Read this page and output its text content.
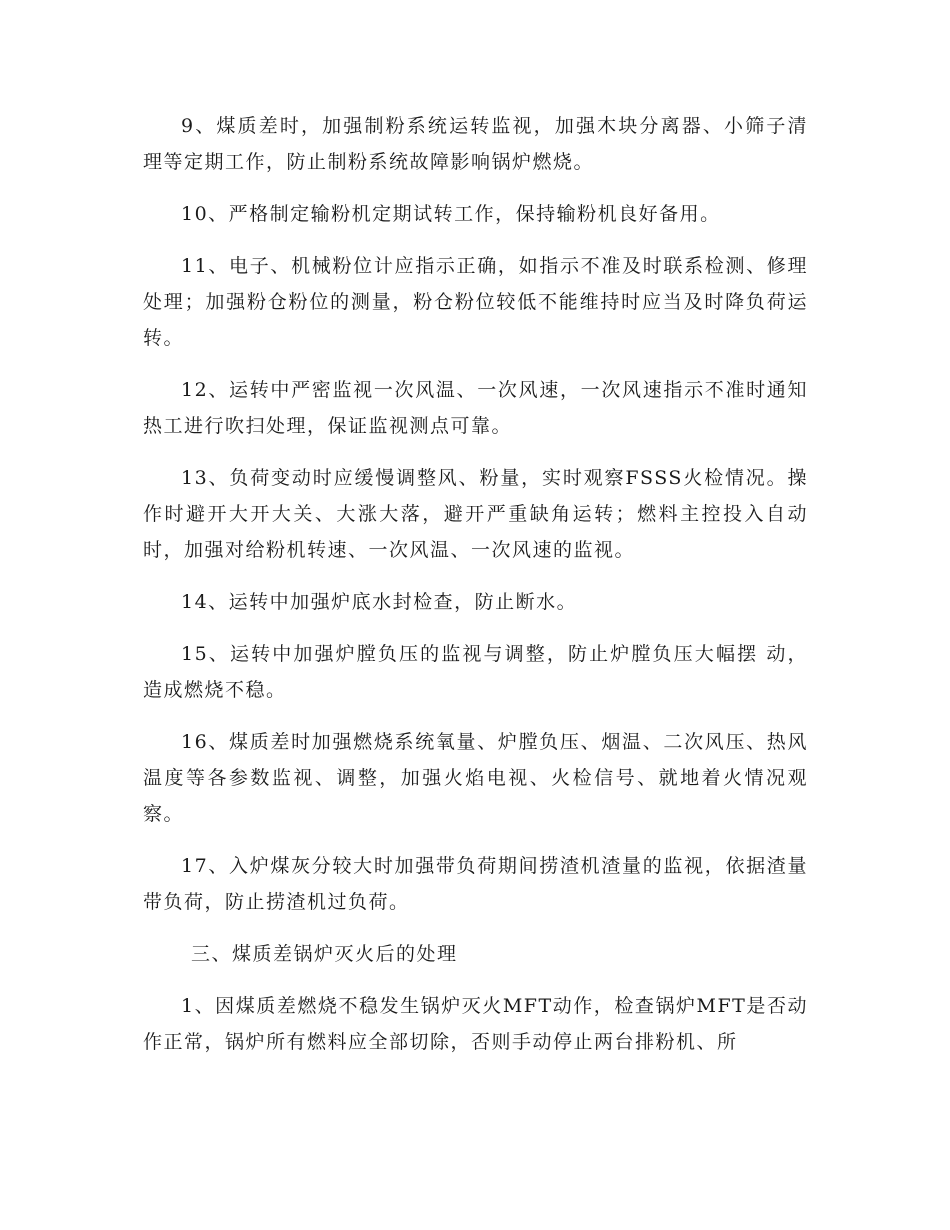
9、煤质差时，加强制粉系统运转监视，加强木块分离器、小筛子清理等定期工作，防止制粉系统故障影响锅炉燃烧。

10、严格制定输粉机定期试转工作，保持输粉机良好备用。

11、电子、机械粉位计应指示正确，如指示不准及时联系检测、修理处理；加强粉仓粉位的测量，粉仓粉位较低不能维持时应当及时降负荷运转。

12、运转中严密监视一次风温、一次风速，一次风速指示不准时通知热工进行吹扫处理，保证监视测点可靠。

13、负荷变动时应缓慢调整风、粉量，实时观察FSSS火检情况。操作时避开大开大关、大涨大落，避开严重缺角运转；燃料主控投入自动时，加强对给粉机转速、一次风温、一次风速的监视。

14、运转中加强炉底水封检查，防止断水。

15、运转中加强炉膛负压的监视与调整，防止炉膛负压大幅摆 动，造成燃烧不稳。

16、煤质差时加强燃烧系统氧量、炉膛负压、烟温、二次风压、热风温度等各参数监视、调整，加强火焰电视、火检信号、就地着火情况观察。

17、入炉煤灰分较大时加强带负荷期间捞渣机渣量的监视，依据渣量带负荷，防止捞渣机过负荷。

三、煤质差锅炉灭火后的处理

1、因煤质差燃烧不稳发生锅炉灭火MFT动作，检查锅炉MFT是否动作正常，锅炉所有燃料应全部切除，否则手动停止两台排粉机、所
